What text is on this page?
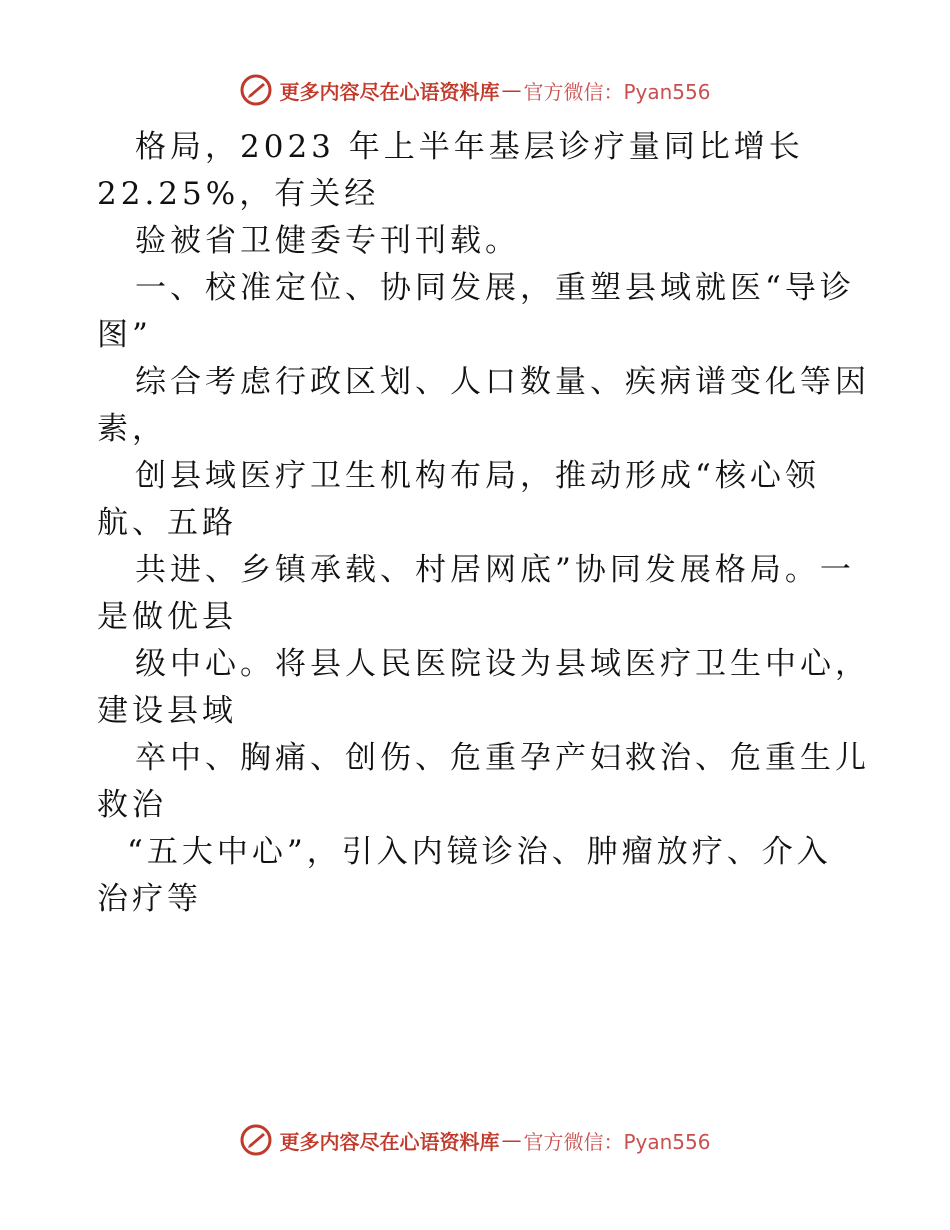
更多内容尽在心语资料库 — 官方微信：Pyan556
格局，2023 年上半年基层诊疗量同比增长
22.25%，有关经
验被省卫健委专刊刊载。
一、校准定位、协同发展，重塑县域就医“导诊
图”
综合考虑行政区划、人口数量、疾病谱变化等因
素，
创县域医疗卫生机构布局，推动形成“核心领
航、五路
共进、乡镇承载、村居网底”协同发展格局。一
是做优县
级中心。将县人民医院设为县域医疗卫生中心，
建设县域
卒中、胸痛、创伤、危重孕产妇救治、危重生儿
救治
“五大中心”，引入内镜诊治、肿瘤放疗、介入
治疗等
更多内容尽在心语资料库 — 官方微信：Pyan556
